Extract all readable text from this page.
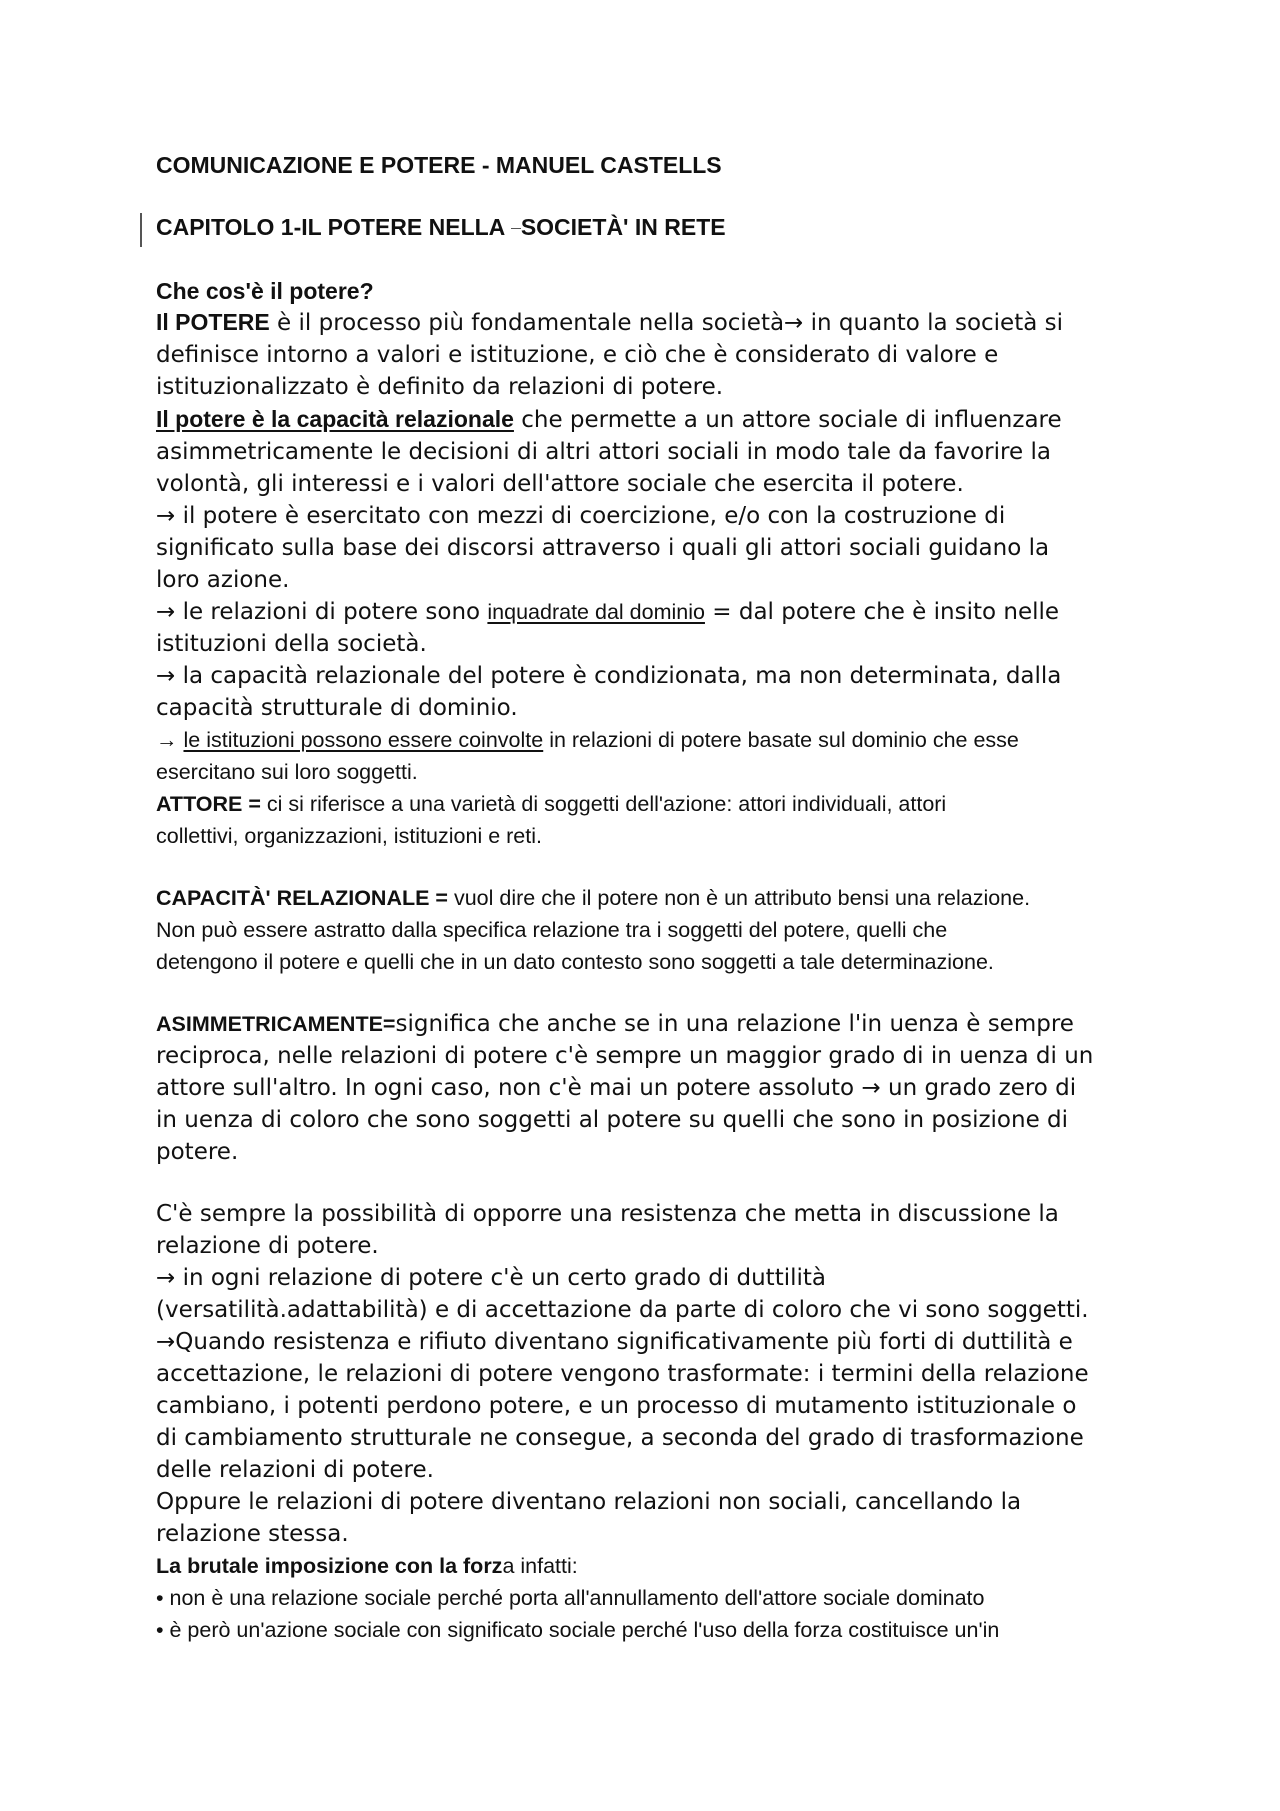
COMUNICAZIONE E POTERE - MANUEL CASTELLS
CAPITOLO 1-IL POTERE NELLA SOCIETÀ' IN RETE
Che cos'è il potere?
Il POTERE è il processo più fondamentale nella società→ in quanto la società si
definisce intorno a valori e istituzione, e ciò che è considerato di valore e
istituzionalizzato è definito da relazioni di potere.
Il potere è la capacità relazionale che permette a un attore sociale di influenzare
asimmetricamente le decisioni di altri attori sociali in modo tale da favorire la
volontà, gli interessi e i valori dell'attore sociale che esercita il potere.
→ il potere è esercitato con mezzi di coercizione, e/o con la costruzione di
significato sulla base dei discorsi attraverso i quali gli attori sociali guidano la
loro azione.
→ le relazioni di potere sono inquadrate dal dominio = dal potere che è insito nelle
istituzioni della società.
→ la capacità relazionale del potere è condizionata, ma non determinata, dalla
capacità strutturale di dominio.
→ le istituzioni possono essere coinvolte in relazioni di potere basate sul dominio che esse
esercitano sui loro soggetti.
ATTORE = ci si riferisce a una varietà di soggetti dell'azione: attori individuali, attori
collettivi, organizzazioni, istituzioni e reti.
CAPACITÀ' RELAZIONALE = vuol dire che il potere non è un attributo bensi una relazione.
Non può essere astratto dalla specifica relazione tra i soggetti del potere, quelli che
detengono il potere e quelli che in un dato contesto sono soggetti a tale determinazione.
ASIMMETRICAMENTE=significa che anche se in una relazione l'in uenza è sempre
reciproca, nelle relazioni di potere c'è sempre un maggior grado di in uenza di un
attore sull'altro. In ogni caso, non c'è mai un potere assoluto → un grado zero di
in uenza di coloro che sono soggetti al potere su quelli che sono in posizione di
potere.
C'è sempre la possibilità di opporre una resistenza che metta in discussione la
relazione di potere.
→ in ogni relazione di potere c'è un certo grado di duttilità
(versatilità.adattabilità) e di accettazione da parte di coloro che vi sono soggetti.
→Quando resistenza e rifiuto diventano significativamente più forti di duttilità e
accettazione, le relazioni di potere vengono trasformate: i termini della relazione
cambiano, i potenti perdono potere, e un processo di mutamento istituzionale o
di cambiamento strutturale ne consegue, a seconda del grado di trasformazione
delle relazioni di potere.
Oppure le relazioni di potere diventano relazioni non sociali, cancellando la
relazione stessa.
La brutale imposizione con la forza infatti:
• non è una relazione sociale perché porta all'annullamento dell'attore sociale dominato
• è però un'azione sociale con significato sociale perché l'uso della forza costituisce un'in
